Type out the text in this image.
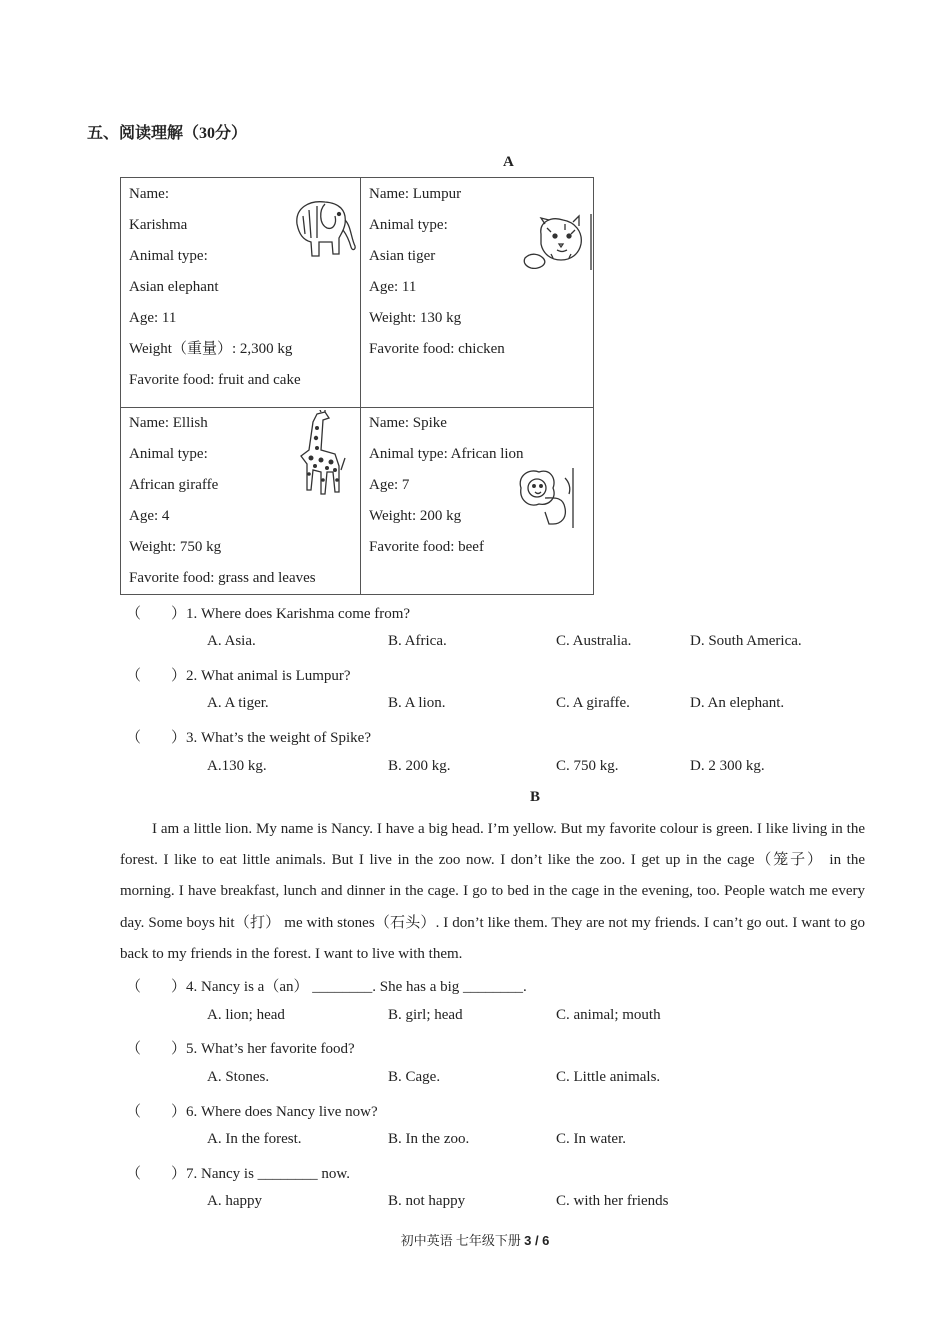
五、阅读理解（30分）
A
Name:
Karishma
Animal type:
Asian elephant
Age: 11
Weight（重量）: 2,300 kg
Favorite food: fruit and cake
Name: Lumpur
Animal type:
Asian tiger
Age: 11
Weight: 130 kg
Favorite food: chicken
Name: Ellish
Animal type:
African giraffe
Age: 4
Weight: 750 kg
Favorite food: grass and leaves
Name: Spike
Animal type: African lion
Age: 7
Weight: 200 kg
Favorite food: beef
（　　）1. Where does Karishma come from?
A. Asia.	B. Africa.	C. Australia.	D. South America.
（　　）2. What animal is Lumpur?
A. A tiger.	B. A lion.	C. A giraffe.	D. An elephant.
（　　）3. What’s the weight of Spike?
A.130 kg.	B. 200 kg.	C. 750 kg.	D. 2 300 kg.
B
I am a little lion. My name is Nancy. I have a big head. I’m yellow. But my favorite colour is green. I like living in the forest. I like to eat little animals. But I live in the zoo now. I don’t like the zoo. I get up in the cage（笼子） in the morning. I have breakfast, lunch and dinner in the cage. I go to bed in the cage in the evening, too. People watch me every day. Some boys hit（打） me with stones（石头）. I don’t like them. They are not my friends. I can’t go out. I want to go back to my friends in the forest. I want to live with them.
（　　）4. Nancy is a（an） ________. She has a big ________.
A. lion; head	B. girl; head	C. animal; mouth
（　　）5. What’s her favorite food?
A. Stones.	B. Cage.	C. Little animals.
（　　）6. Where does Nancy live now?
A. In the forest.	B. In the zoo.	C. In water.
（　　）7. Nancy is ________ now.
A. happy	B. not happy	C. with her friends
初中英语 七年级下册 3 / 6
